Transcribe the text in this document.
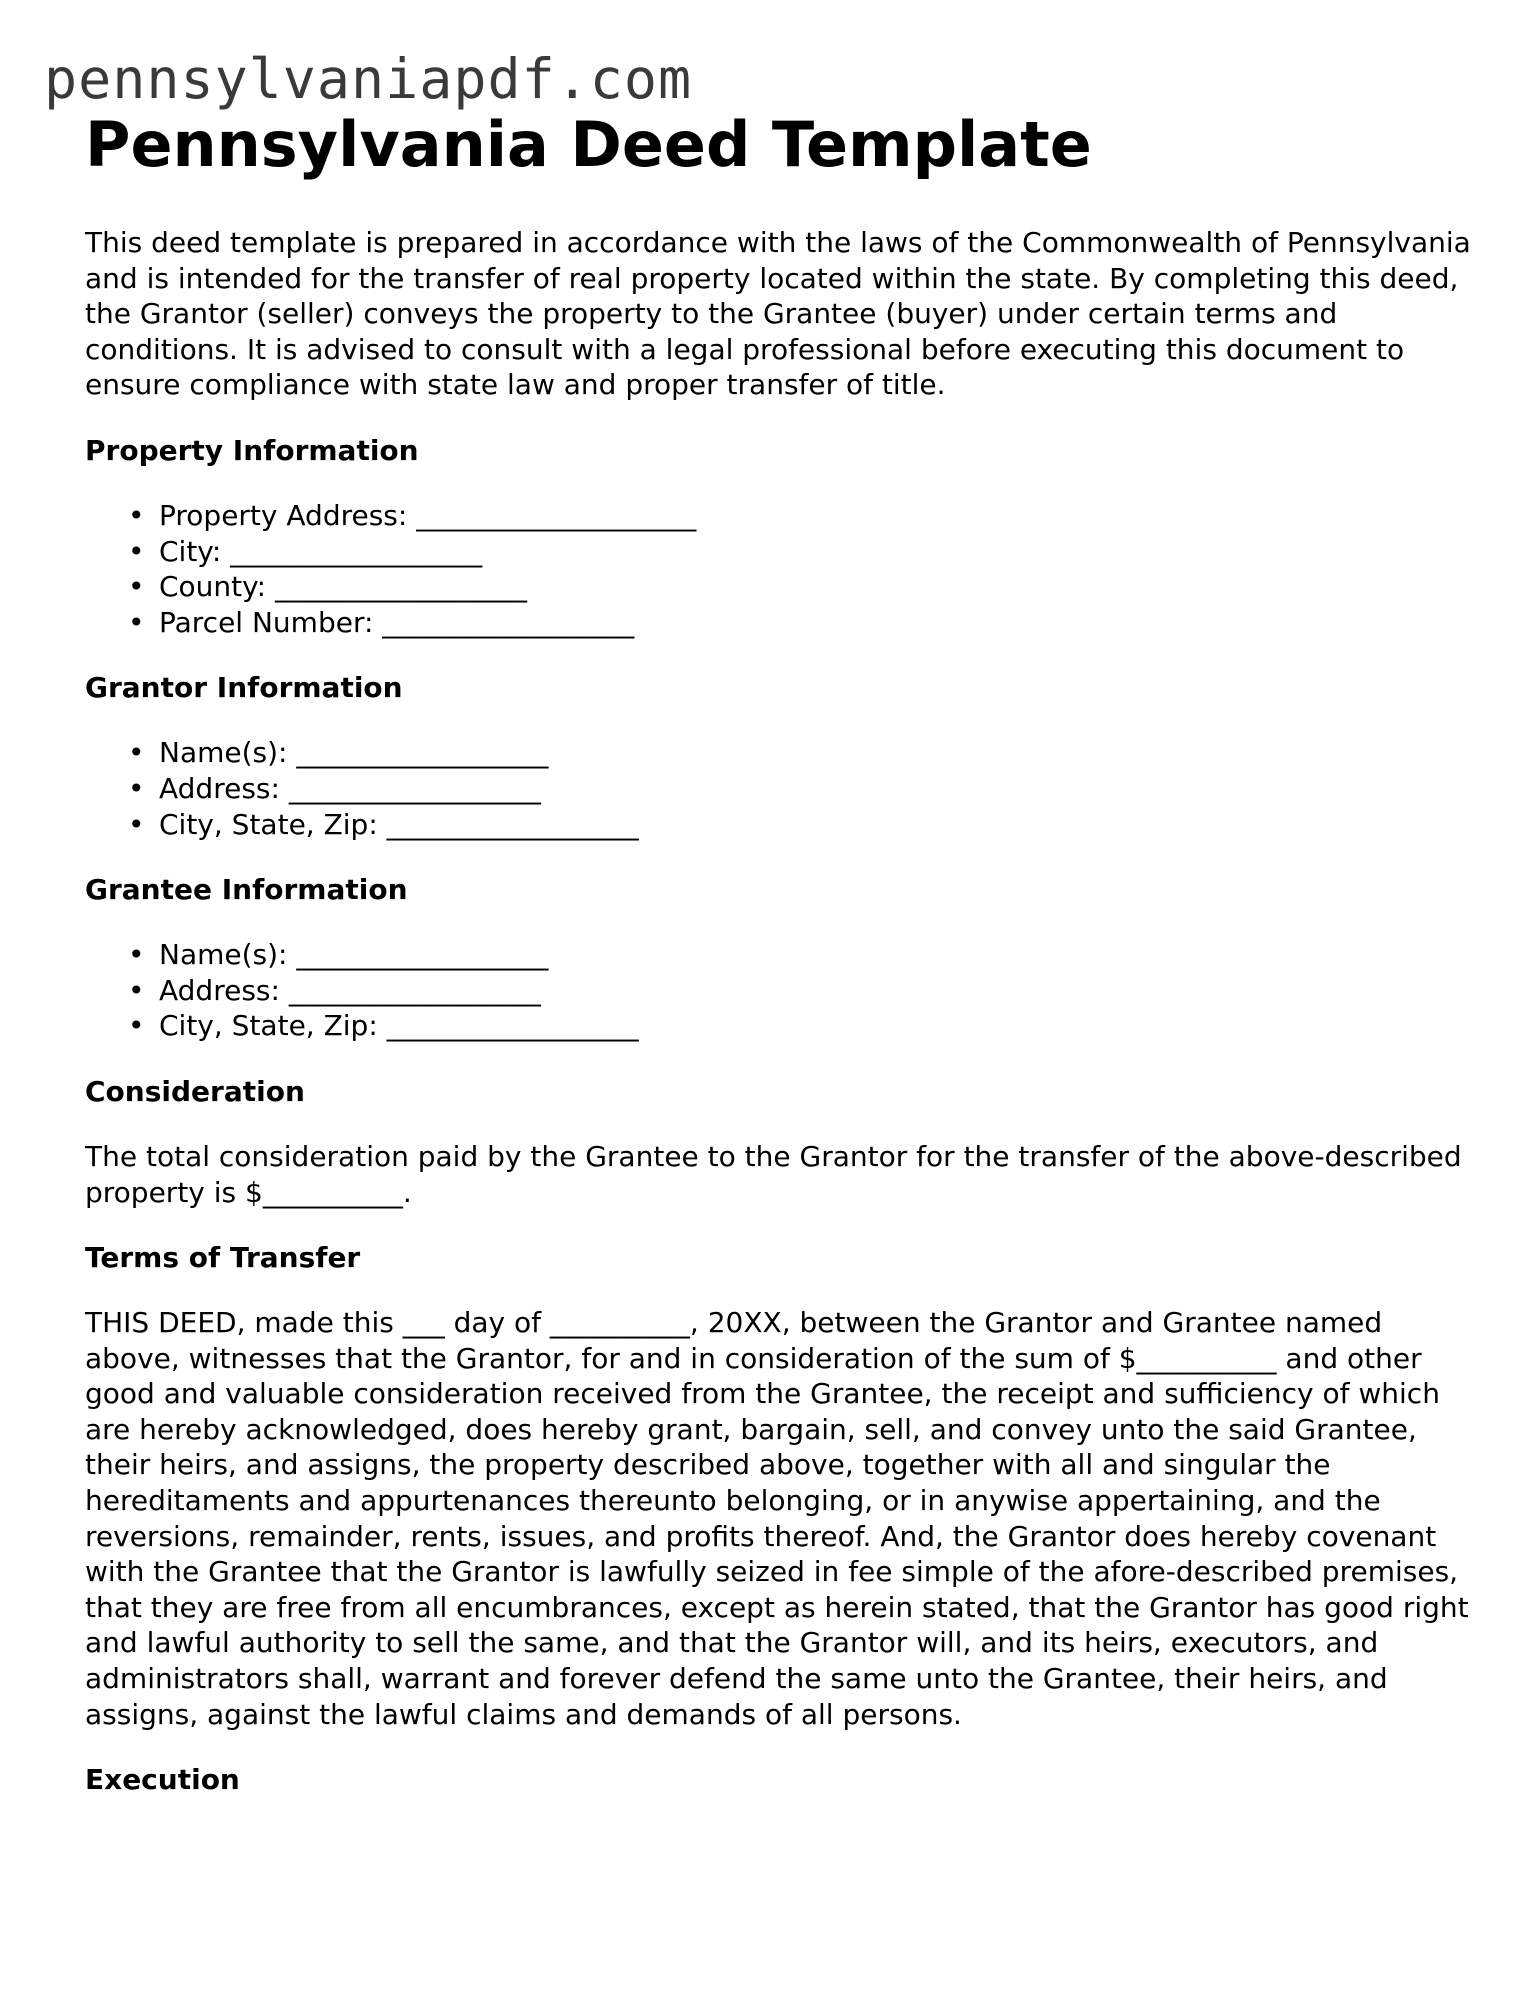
pennsylvaniapdf.com
Pennsylvania Deed Template

This deed template is prepared in accordance with the laws of the Commonwealth of Pennsylvania and is intended for the transfer of real property located within the state. By completing this deed, the Grantor (seller) conveys the property to the Grantee (buyer) under certain terms and conditions. It is advised to consult with a legal professional before executing this document to ensure compliance with state law and proper transfer of title.

Property Information
• Property Address: ____________________
• City: __________________
• County: __________________
• Parcel Number: __________________
Grantor Information
• Name(s): __________________
• Address: __________________
• City, State, Zip: __________________
Grantee Information
• Name(s): __________________
• Address: __________________
• City, State, Zip: __________________
Consideration

The total consideration paid by the Grantee to the Grantor for the transfer of the above-described property is $__________.

Terms of Transfer

THIS DEED, made this ___ day of __________, 20XX, between the Grantor and Grantee named above, witnesses that the Grantor, for and in consideration of the sum of $__________ and other good and valuable consideration received from the Grantee, the receipt and sufficiency of which are hereby acknowledged, does hereby grant, bargain, sell, and convey unto the said Grantee, their heirs, and assigns, the property described above, together with all and singular the hereditaments and appurtenances thereunto belonging, or in anywise appertaining, and the reversions, remainder, rents, issues, and profits thereof. And, the Grantor does hereby covenant with the Grantee that the Grantor is lawfully seized in fee simple of the afore-described premises, that they are free from all encumbrances, except as herein stated, that the Grantor has good right and lawful authority to sell the same, and that the Grantor will, and its heirs, executors, and administrators shall, warrant and forever defend the same unto the Grantee, their heirs, and assigns, against the lawful claims and demands of all persons.

Execution
